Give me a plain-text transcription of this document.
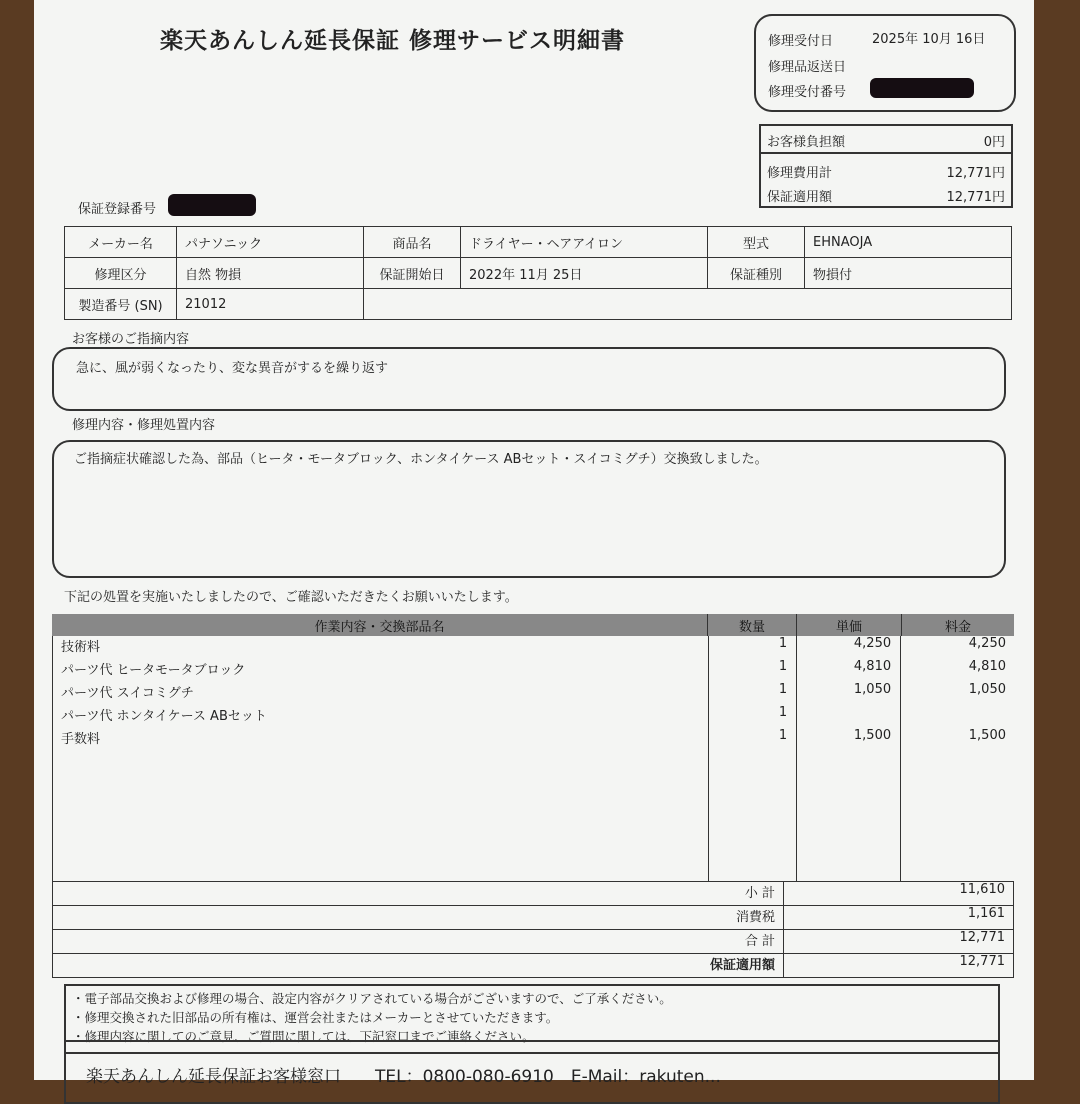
楽天あんしん延長保証 修理サービス明細書	修理受付日	2025年 10月 16日
修理品返送日
修理受付番号
お客様負担額	0円
修理費用計	12,771円
保証適用額	12,771円
保証登録番号
メーカー名	パナソニック	商品名	ドライヤー・ヘアアイロン	型式	EHNAOJA
修理区分	自然 物損	保証開始日	2022年 11月 25日	保証種別	物損付
製造番号 (SN)	21012				
お客様のご指摘内容
急に、風が弱くなったり、変な異音がするを繰り返す
修理内容・修理処置内容
ご指摘症状確認した為、部品（ヒータ・モータブロック、ホンタイケース ABセット・スイコミグチ）交換致しました。
下記の処置を実施いたしましたので、ご確認いただきたくお願いいたします。
作業内容・交換部品名	数量	単価	料金
技術料	1	4,250	4,250
パーツ代 ヒータモータブロック	1	4,810	4,810
パーツ代 スイコミグチ	1	1,050	1,050
パーツ代 ホンタイケース ABセット	1
手数料	1	1,500	1,500
小 計	11,610
消費税	1,161
合 計	12,771
保証適用額	12,771
・電子部品交換および修理の場合、設定内容がクリアされている場合がございますので、ご了承ください。
・修理交換された旧部品の所有権は、運営会社またはメーカーとさせていただきます。
・修理内容に関してのご意見、ご質問に関しては、下記窓口までご連絡ください。
楽天あんしん延長保証お客様窓口　　TEL：0800-080-6910　E-Mail：rakuten...
